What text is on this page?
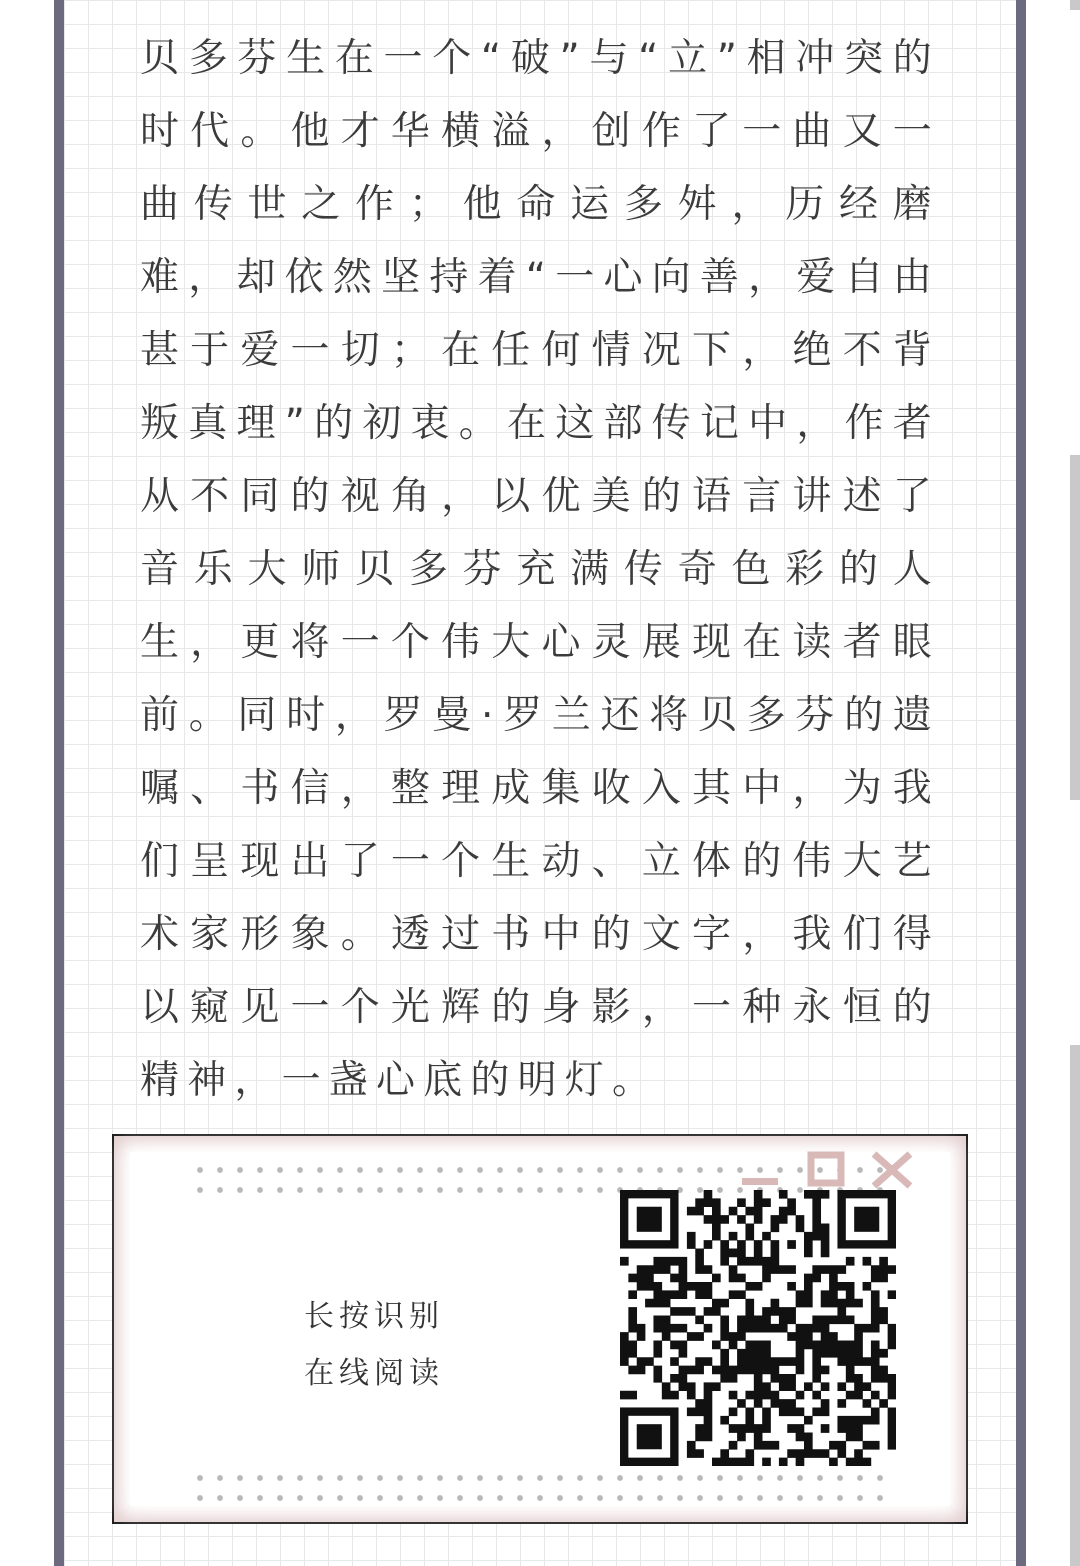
贝多芬生在一个“破”与“立”相冲突的时代。他才华横溢，创作了一曲又一曲传世之作；他命运多舛，历经磨难，却依然坚持着“一心向善，爱自由甚于爱一切；在任何情况下，绝不背叛真理”的初衷。在这部传记中，作者从不同的视角，以优美的语言讲述了音乐大师贝多芬充满传奇色彩的人生，更将一个伟大心灵展现在读者眼前。同时，罗曼·罗兰还将贝多芬的遗嘱、书信，整理成集收入其中，为我们呈现出了一个生动、立体的伟大艺术家形象。透过书中的文字，我们得以窥见一个光辉的身影，一种永恒的精神，一盏心底的明灯。

长按识别
在线阅读
